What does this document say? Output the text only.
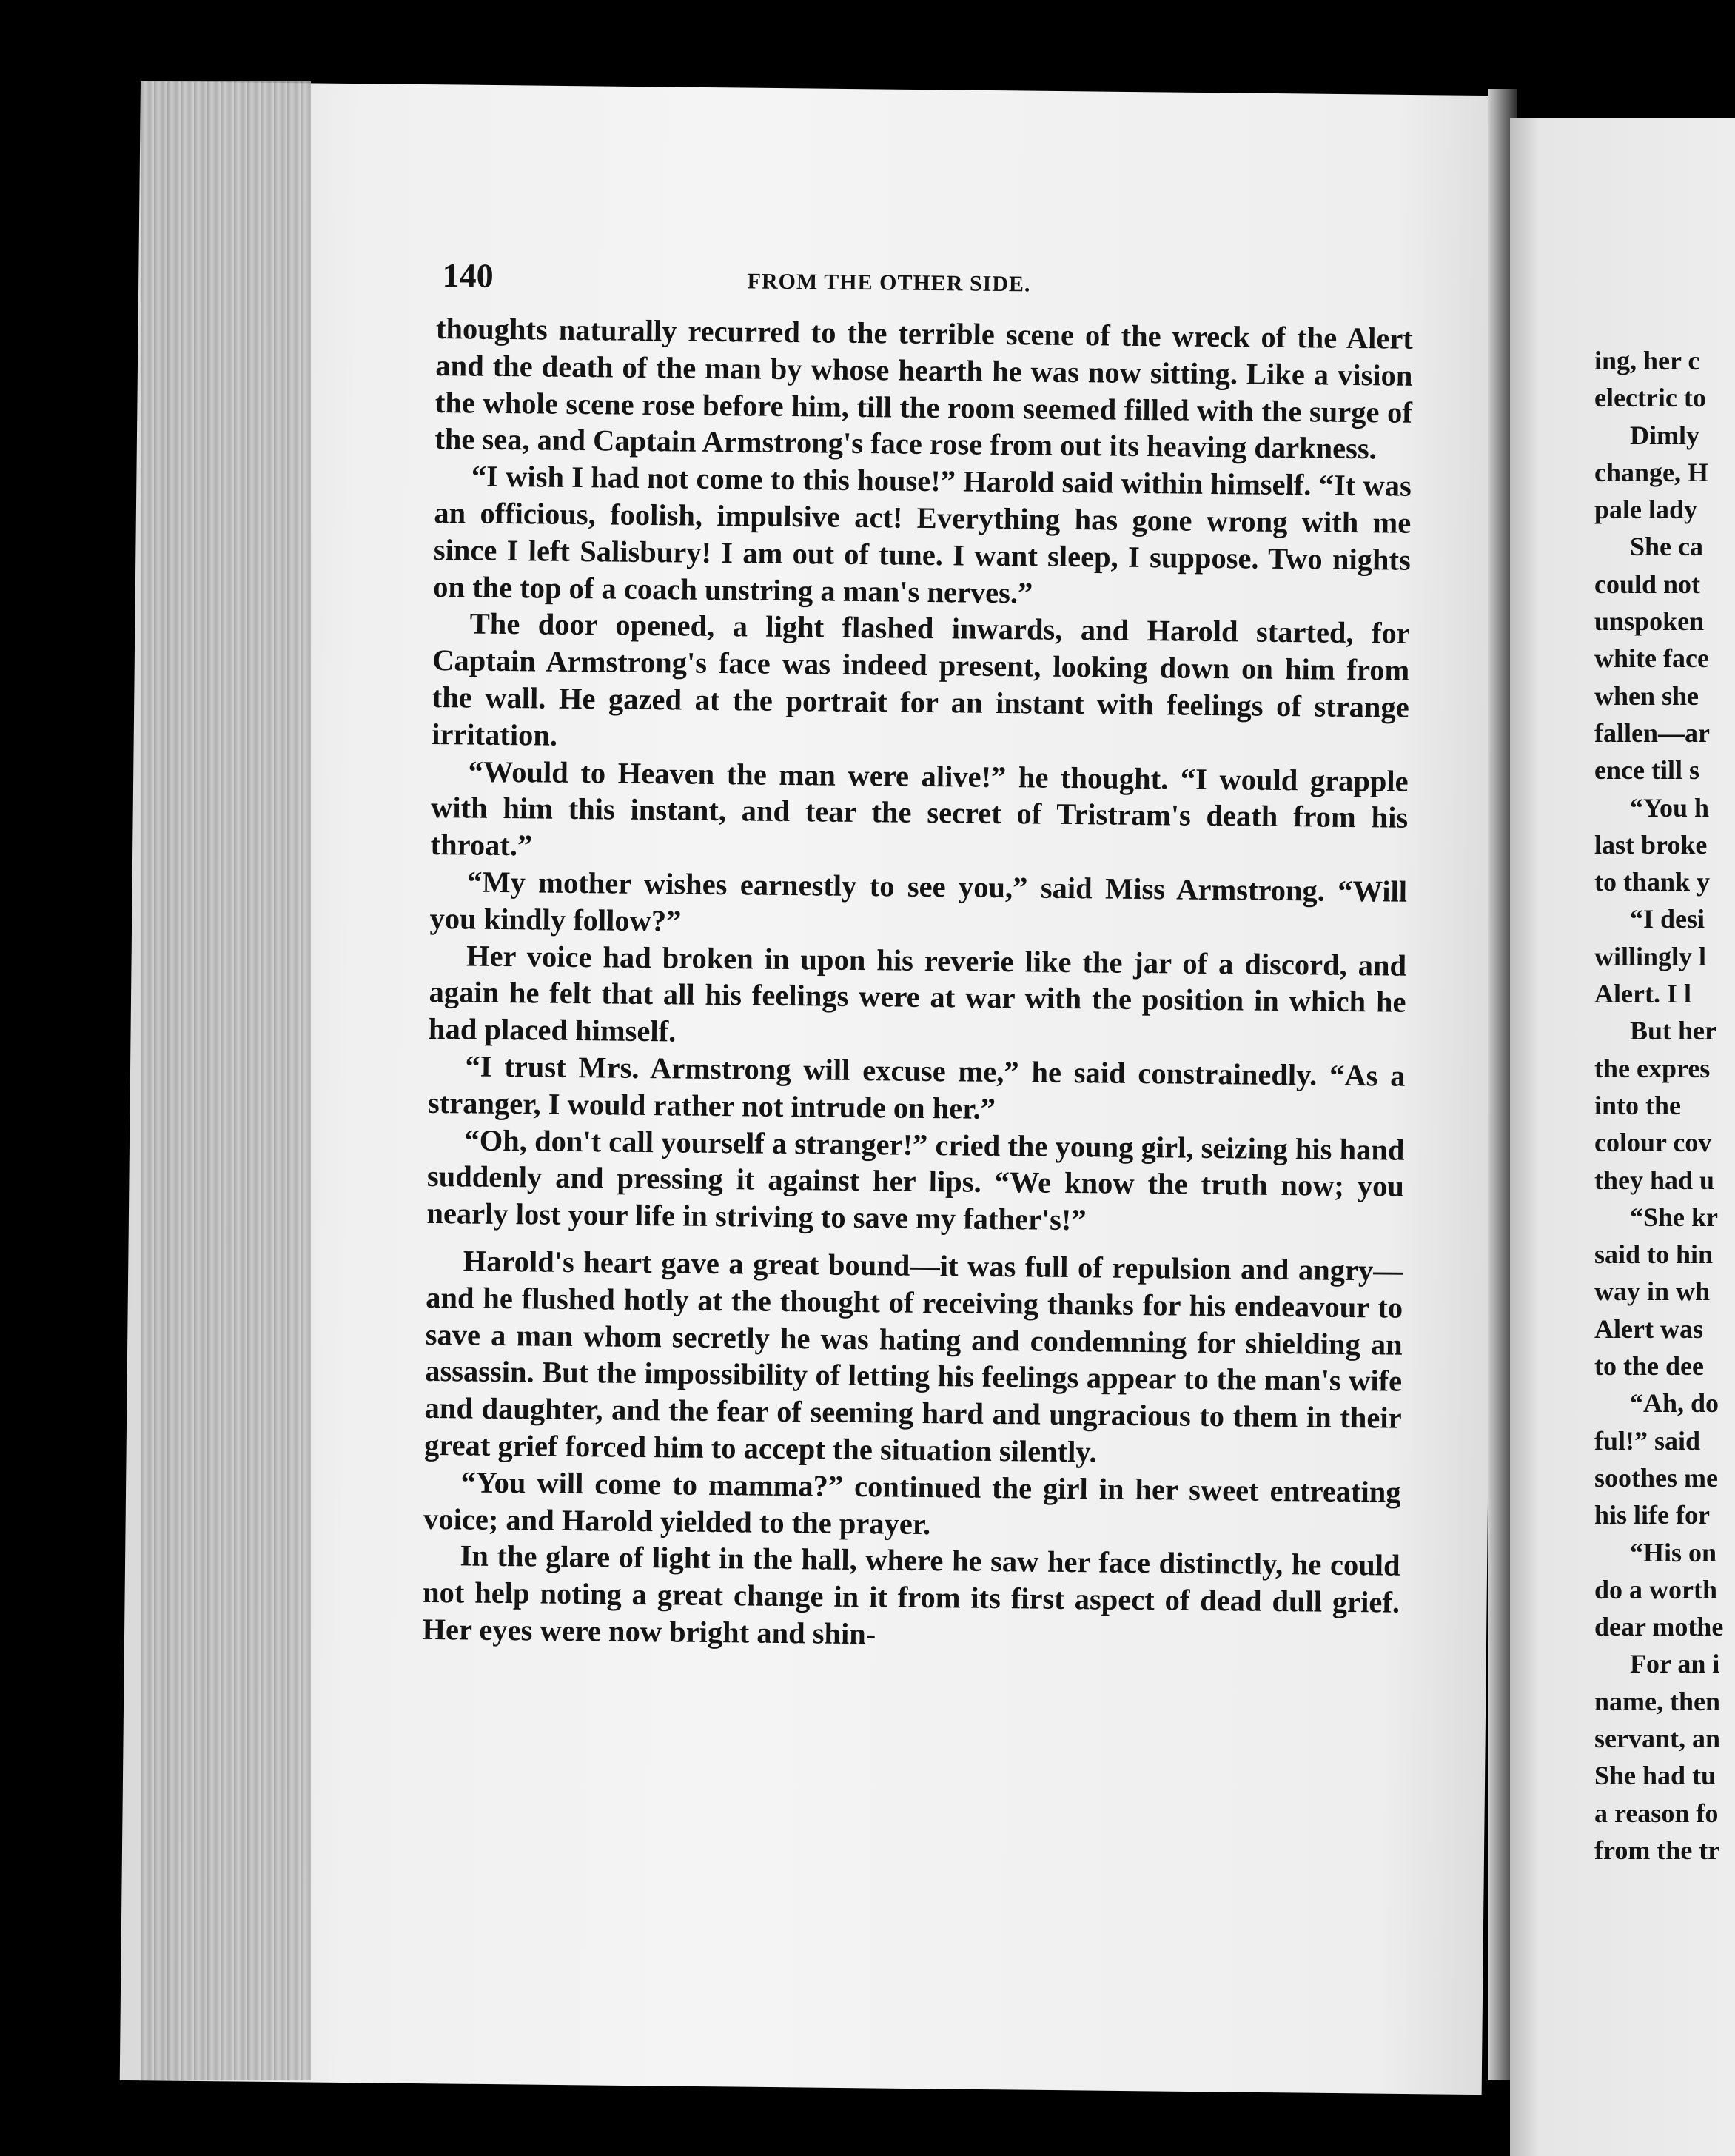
140	FROM THE OTHER SIDE.

thoughts naturally recurred to the terrible scene of the wreck of the Alert and the death of the man by whose hearth he was now sitting. Like a vision the whole scene rose before him, till the room seemed filled with the surge of the sea, and Captain Armstrong's face rose from out its heaving darkness.

“I wish I had not come to this house!” Harold said within himself. “It was an officious, foolish, impulsive act! Everything has gone wrong with me since I left Salisbury! I am out of tune. I want sleep, I suppose. Two nights on the top of a coach unstring a man's nerves.”

The door opened, a light flashed inwards, and Harold started, for Captain Armstrong's face was indeed present, looking down on him from the wall. He gazed at the portrait for an instant with feelings of strange irritation.

“Would to Heaven the man were alive!” he thought. “I would grapple with him this instant, and tear the secret of Tristram's death from his throat.”

“My mother wishes earnestly to see you,” said Miss Armstrong. “Will you kindly follow?”

Her voice had broken in upon his reverie like the jar of a discord, and again he felt that all his feelings were at war with the position in which he had placed himself.

“I trust Mrs. Armstrong will excuse me,” he said constrainedly. “As a stranger, I would rather not intrude on her.”

“Oh, don't call yourself a stranger!” cried the young girl, seizing his hand suddenly and pressing it against her lips. “We know the truth now; you nearly lost your life in striving to save my father's!”

Harold's heart gave a great bound—it was full of repulsion and angry—and he flushed hotly at the thought of receiving thanks for his endeavour to save a man whom secretly he was hating and condemning for shielding an assassin. But the impossibility of letting his feelings appear to the man's wife and daughter, and the fear of seeming hard and ungracious to them in their great grief forced him to accept the situation silently.

“You will come to mamma?” continued the girl in her sweet entreating voice; and Harold yielded to the prayer.

In the glare of light in the hall, where he saw her face distinctly, he could not help noting a great change in it from its first aspect of dead dull grief. Her eyes were now bright and shin-

ing, her c
electric to
Dimly
change, H
pale lady
She ca
could not
unspoken
white face
when she
fallen—ar
ence till s
“You h
last broke
to thank y
“I desi
willingly l
Alert. I l
But her
the expres
into the
colour cov
they had u
“She kr
said to hin
way in wh
Alert was
to the dee
“Ah, do
ful!” said
soothes me
his life for
“His on
do a worth
dear mothe
For an i
name, then
servant, an
She had tu
a reason fo
from the tr
